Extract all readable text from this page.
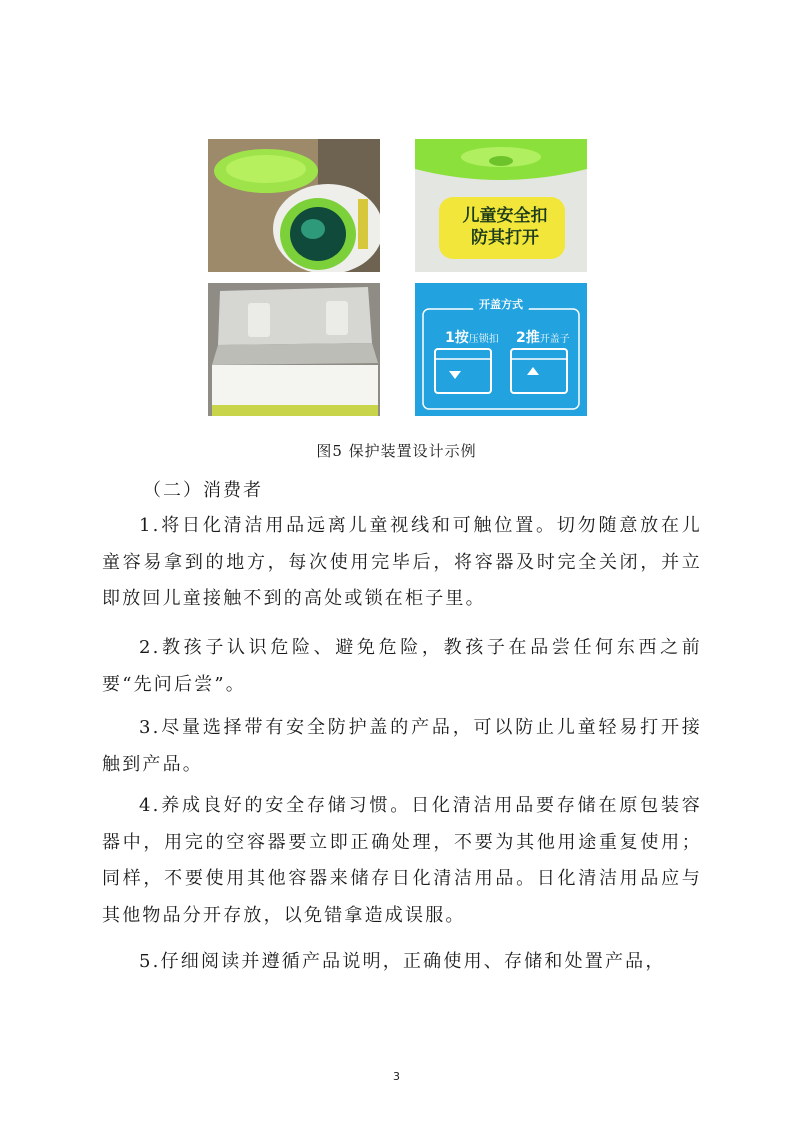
儿童安全扣
防其打开
开盖方式
1按压锁扣 2推开盖子
图5 保护装置设计示例
（二）消费者

1.将日化清洁用品远离儿童视线和可触位置。切勿随意放在儿童容易拿到的地方，每次使用完毕后，将容器及时完全关闭，并立即放回儿童接触不到的高处或锁在柜子里。

2.教孩子认识危险、避免危险，教孩子在品尝任何东西之前要“先问后尝”。

3.尽量选择带有安全防护盖的产品，可以防止儿童轻易打开接触到产品。

4.养成良好的安全存储习惯。日化清洁用品要存储在原包装容器中，用完的空容器要立即正确处理，不要为其他用途重复使用；同样，不要使用其他容器来储存日化清洁用品。日化清洁用品应与其他物品分开存放，以免错拿造成误服。

5.仔细阅读并遵循产品说明，正确使用、存储和处置产品，

3
